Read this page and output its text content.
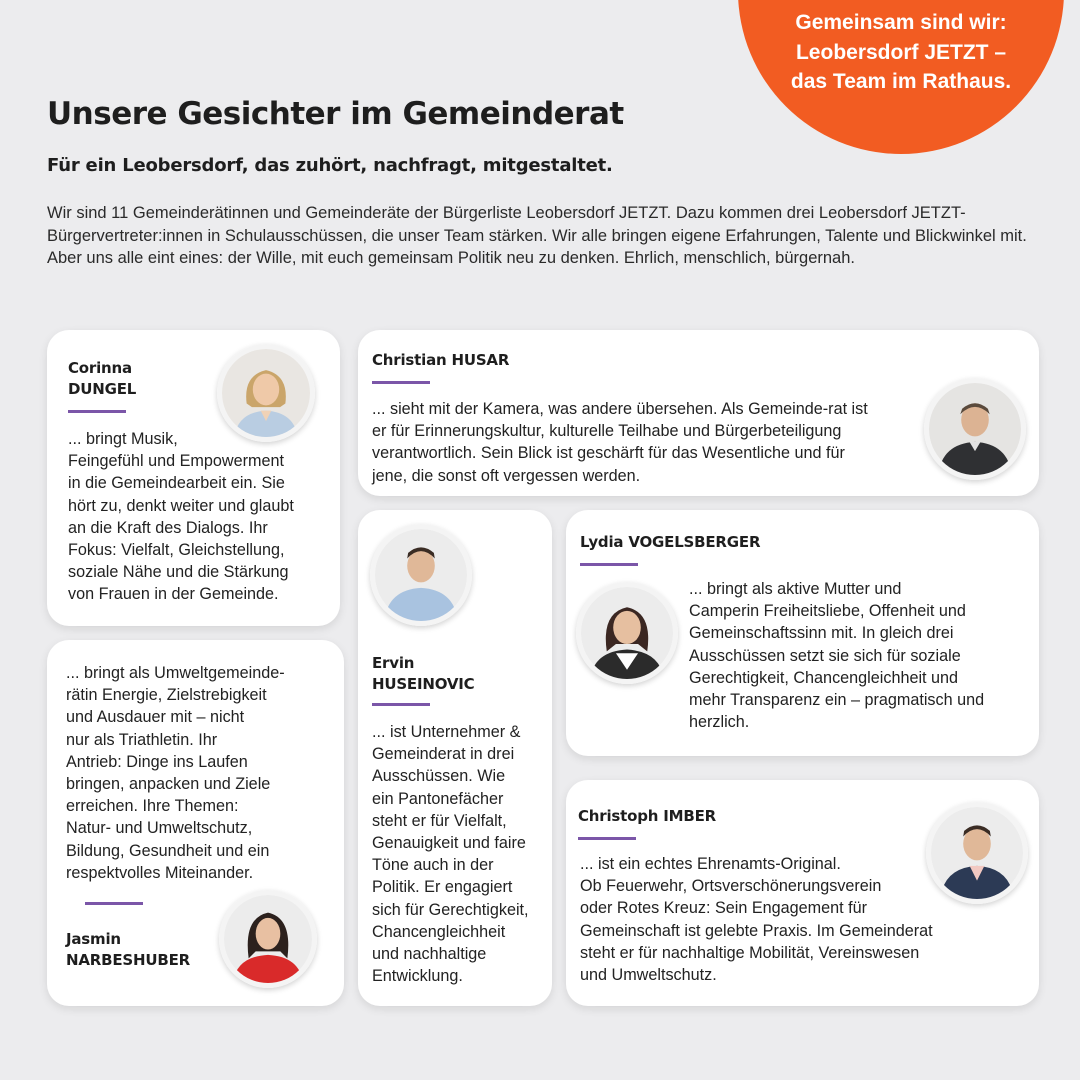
Gemeinsam sind wir:
Leobersdorf JETZT –
das Team im Rathaus.
Unsere Gesichter im Gemeinderat
Für ein Leobersdorf, das zuhört, nachfragt, mitgestaltet.

Wir sind 11 Gemeinderätinnen und Gemeinderäte der Bürgerliste Leobersdorf JETZT. Dazu kommen drei Leobersdorf JETZT-Bürgervertreter:innen in Schulausschüssen, die unser Team stärken. Wir alle bringen eigene Erfahrungen, Talente und Blickwinkel mit. Aber uns alle eint eines: der Wille, mit euch gemeinsam Politik neu zu denken. Ehrlich, menschlich, bürgernah.

Corinna
DUNGEL
... bringt Musik,
Feingefühl und Empowerment
in die Gemeindearbeit ein. Sie
hört zu, denkt weiter und glaubt
an die Kraft des Dialogs. Ihr
Fokus: Vielfalt, Gleichstellung,
soziale Nähe und die Stärkung
von Frauen in der Gemeinde.
Christian HUSAR
... sieht mit der Kamera, was andere übersehen. Als Gemeinde-rat ist
er für Erinnerungskultur, kulturelle Teilhabe und Bürgerbeteiligung
verantwortlich. Sein Blick ist geschärft für das Wesentliche und für
jene, die sonst oft vergessen werden.
Ervin
HUSEINOVIC
... ist Unternehmer &
Gemeinderat in drei
Ausschüssen. Wie
ein Pantonefächer
steht er für Vielfalt,
Genauigkeit und faire
Töne auch in der
Politik. Er engagiert
sich für Gerechtigkeit,
Chancengleichheit
und nachhaltige
Entwicklung.
Lydia VOGELSBERGER
... bringt als aktive Mutter und
Camperin Freiheitsliebe, Offenheit und
Gemeinschaftssinn mit. In gleich drei
Ausschüssen setzt sie sich für soziale
Gerechtigkeit, Chancengleichheit und
mehr Transparenz ein – pragmatisch und
herzlich.
... bringt als Umweltgemeinde-
rätin Energie, Zielstrebigkeit
und Ausdauer mit – nicht
nur als Triathletin. Ihr
Antrieb: Dinge ins Laufen
bringen, anpacken und Ziele
erreichen. Ihre Themen:
Natur- und Umweltschutz,
Bildung, Gesundheit und ein
respektvolles Miteinander.
Jasmin
NARBESHUBER
Christoph IMBER
... ist ein echtes Ehrenamts-Original.
Ob Feuerwehr, Ortsverschönerungsverein
oder Rotes Kreuz: Sein Engagement für
Gemeinschaft ist gelebte Praxis. Im Gemeinderat
steht er für nachhaltige Mobilität, Vereinswesen
und Umweltschutz.
